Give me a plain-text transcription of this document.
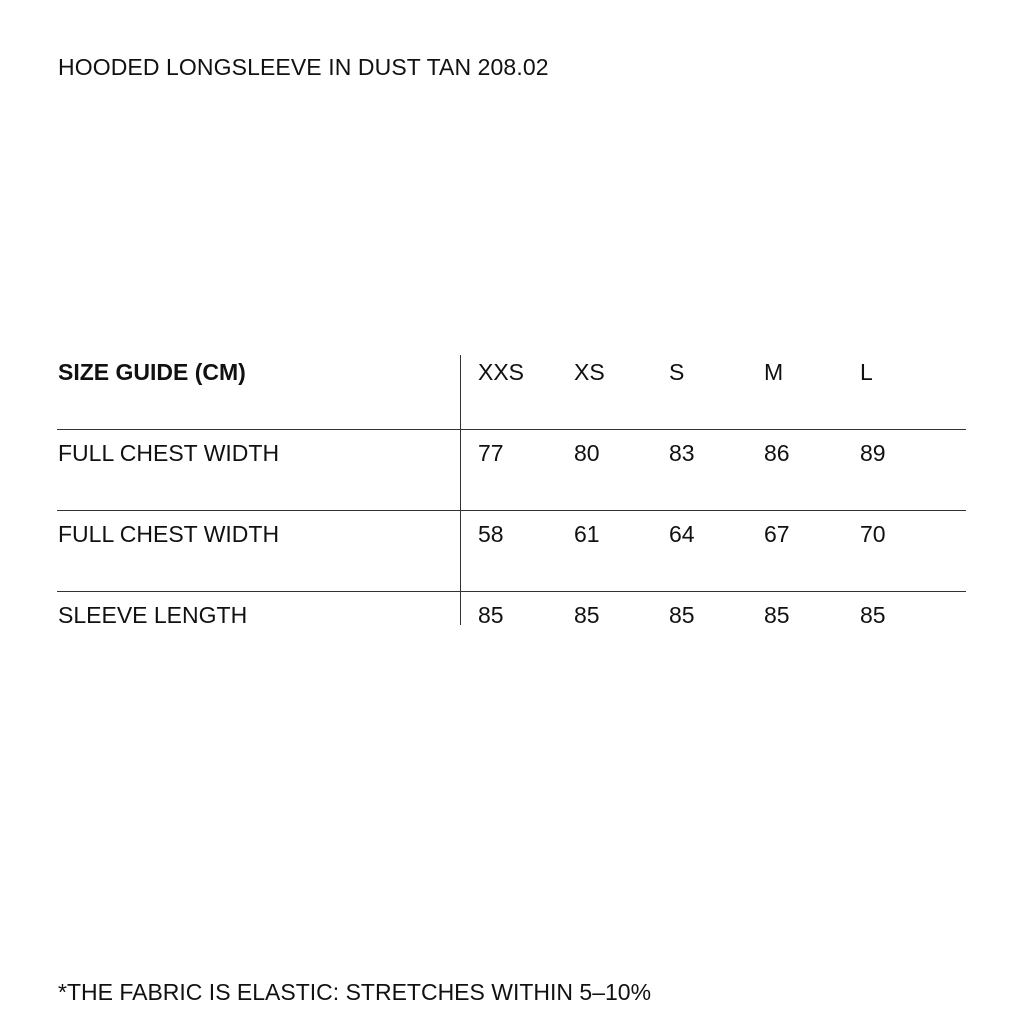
HOODED LONGSLEEVE IN DUST TAN 208.02
SIZE GUIDE (CM)	XXS XS	S	M	L
FULL CHEST WIDTH	77	80	83	86	89
FULL CHEST WIDTH	58	61	64	67	70
SLEEVE LENGTH	85	85	85	85	85
*THE FABRIC IS ELASTIC: STRETCHES WITHIN 5–10%
